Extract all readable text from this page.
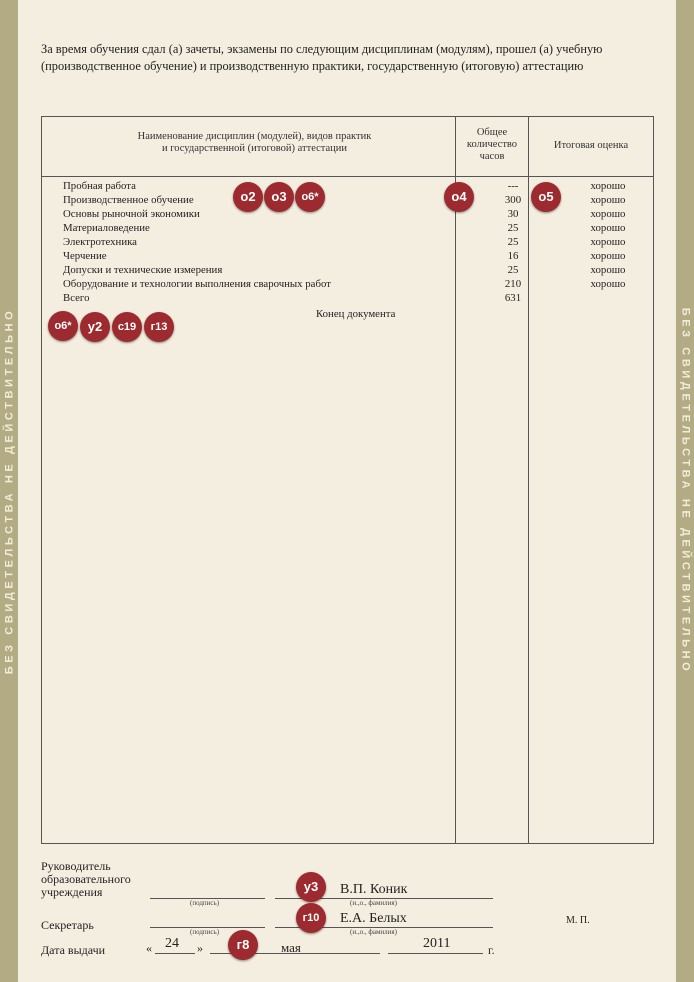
БЕЗ СВИДЕТЕЛЬСТВА НЕ ДЕЙСТВИТЕЛЬНО	БЕЗ СВИДЕТЕЛЬСТВА НЕ ДЕЙСТВИТЕЛЬНО
За время обучения сдал (а) зачеты, экзамены по следующим дисциплинам (модулям), прошел (а) учебную (производственное обучение) и производственную практики, государственную (итоговую) аттестацию
Наименование дисциплин (модулей), видов практик
и государственной (итоговой) аттестации
Общее
количество
часов
Итоговая оценка
Пробная работа	---	хорошо
Производственное обучение	300	хорошо
Основы рыночной экономики	30	хорошо
Материаловедение	25	хорошо
Электротехника	25	хорошо
Черчение	16	хорошо
Допуски и технические измерения	25	хорошо
Оборудование и технологии выполнения сварочных работ	210	хорошо
Всего	631
Конец документа
о2	о3	о6*	о4	о5
о6*	у2	с19	г13
Руководитель
образовательного
учреждения
(подпись)
В.П. Коник
(и.,о., фамилия)
у3
Секретарь	(подпись)
Е.А. Белых
(и.,о., фамилия)
г10	М. П.
Дата выдачи	« 24 »	мая
г8	2011	г.
